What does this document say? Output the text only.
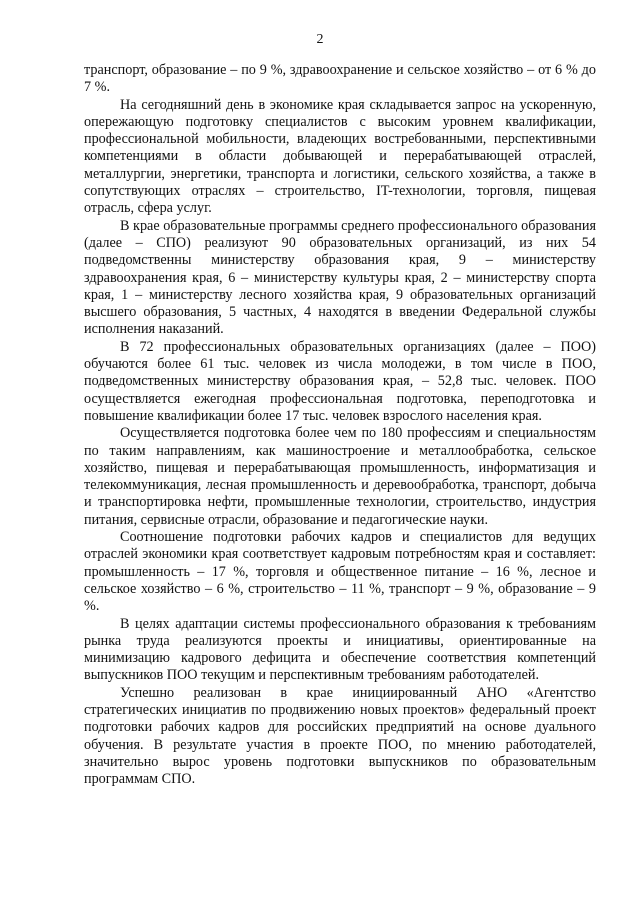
2

транспорт, образование – по 9 %, здравоохранение и сельское хозяйство – от 6 % до 7 %.

На сегодняшний день в экономике края складывается запрос на ускоренную, опережающую подготовку специалистов с высоким уровнем квалификации, профессиональной мобильности, владеющих востребованными, перспективными компетенциями в области добывающей и перерабатывающей отраслей, металлургии, энергетики, транспорта и логистики, сельского хозяйства, а также в сопутствующих отраслях – строительство, IT-технологии, торговля, пищевая отрасль, сфера услуг.

В крае образовательные программы среднего профессионального образования (далее – СПО) реализуют 90 образовательных организаций, из них 54 подведомственны министерству образования края, 9 – министерству здравоохранения края, 6 – министерству культуры края, 2 – министерству спорта края, 1 – министерству лесного хозяйства края, 9 образовательных организаций высшего образования, 5 частных, 4 находятся в введении Федеральной службы исполнения наказаний.

В 72 профессиональных образовательных организациях (далее – ПОО) обучаются более 61 тыс. человек из числа молодежи, в том числе в ПОО, подведомственных министерству образования края, – 52,8 тыс. человек. ПОО осуществляется ежегодная профессиональная подготовка, переподготовка и повышение квалификации более 17 тыс. человек взрослого населения края.

Осуществляется подготовка более чем по 180 профессиям и специальностям по таким направлениям, как машиностроение и металлообработка, сельское хозяйство, пищевая и перерабатывающая промышленность, информатизация и телекоммуникация, лесная промышленность и деревообработка, транспорт, добыча и транспортировка нефти, промышленные технологии, строительство, индустрия питания, сервисные отрасли, образование и педагогические науки.

Соотношение подготовки рабочих кадров и специалистов для ведущих отраслей экономики края соответствует кадровым потребностям края и составляет: промышленность – 17 %, торговля и общественное питание – 16 %, лесное и сельское хозяйство – 6 %, строительство – 11 %, транспорт – 9 %, образование – 9 %.

В целях адаптации системы профессионального образования к требованиям рынка труда реализуются проекты и инициативы, ориентированные на минимизацию кадрового дефицита и обеспечение соответствия компетенций выпускников ПОО текущим и перспективным требованиям работодателей.

Успешно реализован в крае инициированный АНО «Агентство стратегических инициатив по продвижению новых проектов» федеральный проект подготовки рабочих кадров для российских предприятий на основе дуального обучения. В результате участия в проекте ПОО, по мнению работодателей, значительно вырос уровень подготовки выпускников по образовательным программам СПО.
